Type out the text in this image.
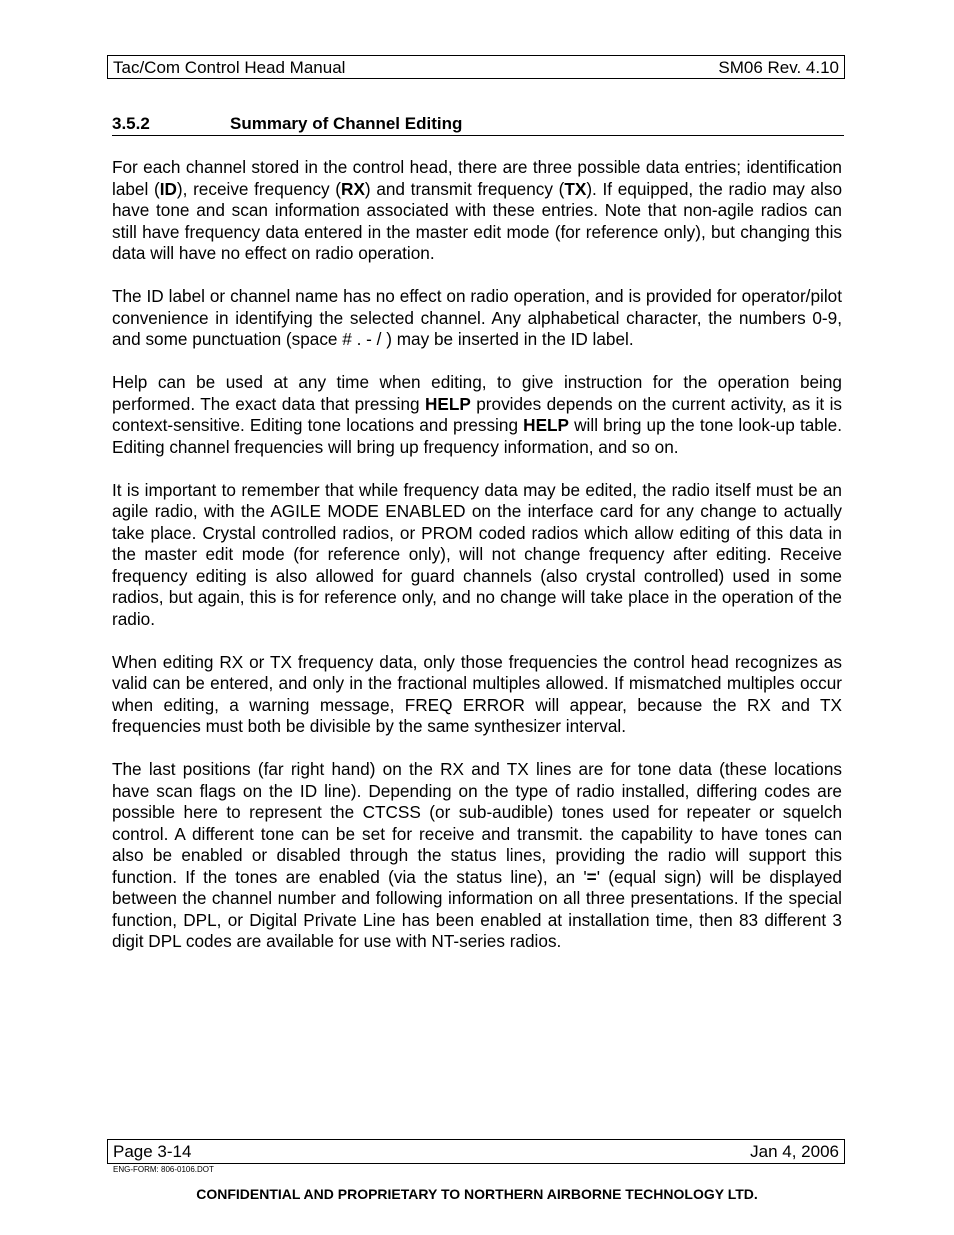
Tac/Com Control Head Manual	SM06 Rev. 4.10
3.5.2	Summary of Channel Editing

For each channel stored in the control head, there are three possible data entries; identification label (ID), receive frequency (RX) and transmit frequency (TX). If equipped, the radio may also have tone and scan information associated with these entries. Note that non-agile radios can still have frequency data entered in the master edit mode (for reference only), but changing this data will have no effect on radio operation.

The ID label or channel name has no effect on radio operation, and is provided for operator/pilot convenience in identifying the selected channel. Any alphabetical character, the numbers 0-9, and some punctuation (space # . - / ) may be inserted in the ID label.

Help can be used at any time when editing, to give instruction for the operation being performed. The exact data that pressing HELP provides depends on the current activity, as it is context-sensitive. Editing tone locations and pressing HELP will bring up the tone look-up table. Editing channel frequencies will bring up frequency information, and so on.

It is important to remember that while frequency data may be edited, the radio itself must be an agile radio, with the AGILE MODE ENABLED on the interface card for any change to actually take place. Crystal controlled radios, or PROM coded radios which allow editing of this data in the master edit mode (for reference only), will not change frequency after editing. Receive frequency editing is also allowed for guard channels (also crystal controlled) used in some radios, but again, this is for reference only, and no change will take place in the operation of the radio.

When editing RX or TX frequency data, only those frequencies the control head recognizes as valid can be entered, and only in the fractional multiples allowed. If mismatched multiples occur when editing, a warning message, FREQ ERROR will appear, because the RX and TX frequencies must both be divisible by the same synthesizer interval.

The last positions (far right hand) on the RX and TX lines are for tone data (these locations have scan flags on the ID line). Depending on the type of radio installed, differing codes are possible here to represent the CTCSS (or sub-audible) tones used for repeater or squelch control. A different tone can be set for receive and transmit. the capability to have tones can also be enabled or disabled through the status lines, providing the radio will support this function. If the tones are enabled (via the status line), an '=' (equal sign) will be displayed between the channel number and following information on all three presentations. If the special function, DPL, or Digital Private Line has been enabled at installation time, then 83 different 3 digit DPL codes are available for use with NT-series radios.

Page 3-14	Jan 4, 2006
ENG-FORM: 806-0106.DOT
CONFIDENTIAL AND PROPRIETARY TO NORTHERN AIRBORNE TECHNOLOGY LTD.
